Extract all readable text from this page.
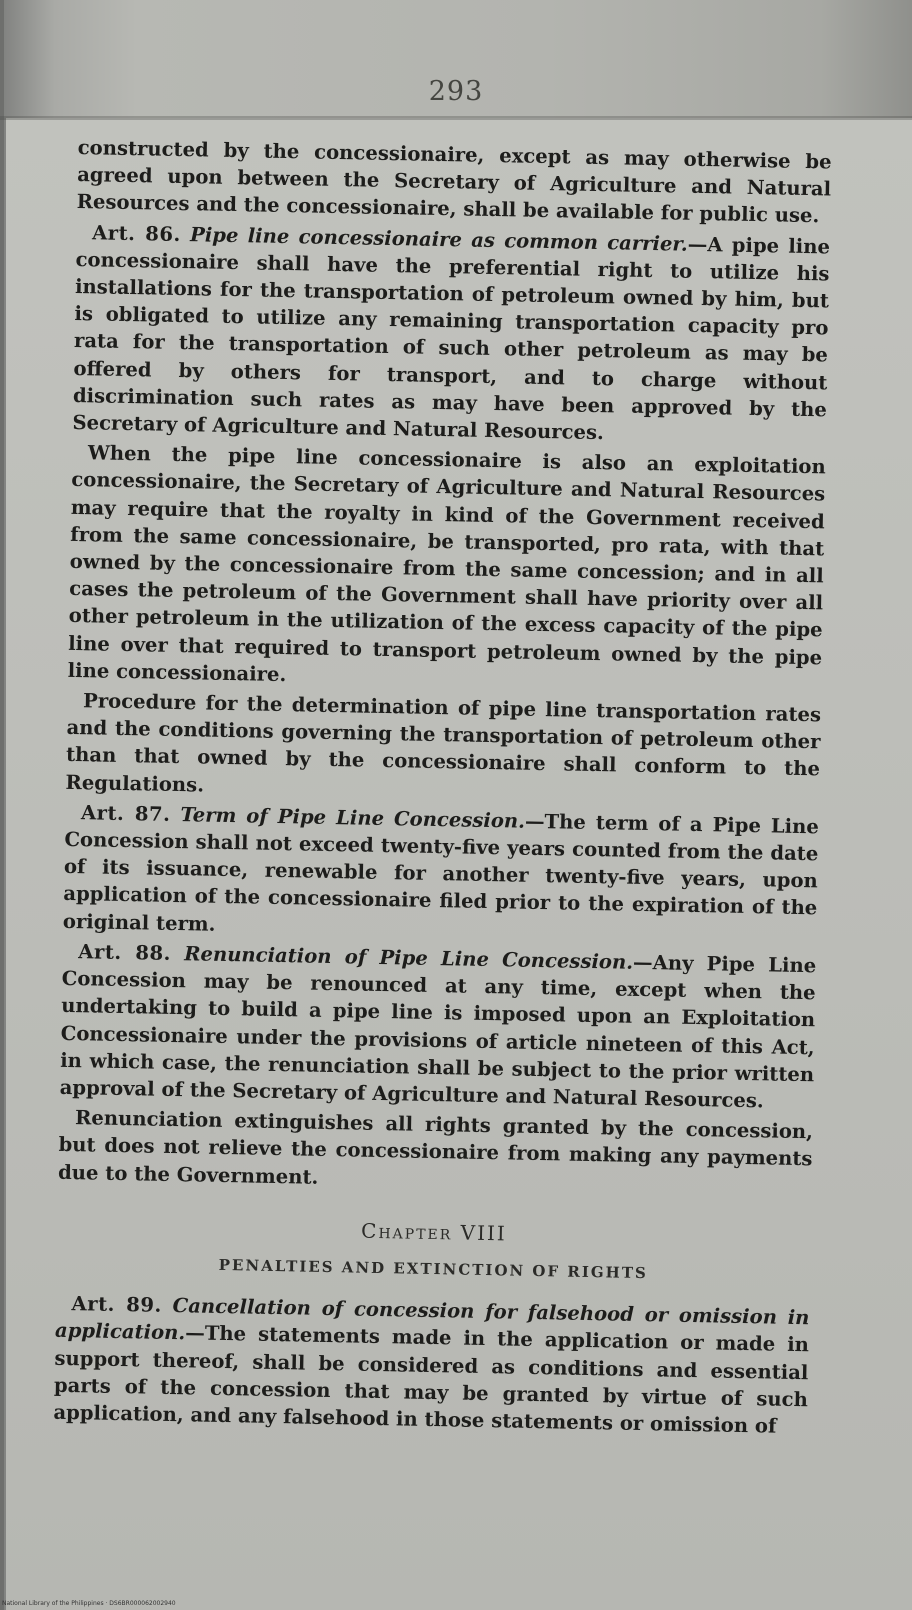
293

constructed by the concessionaire, except as may otherwise be agreed upon between the Secretary of Agriculture and Natural Resources and the concessionaire, shall be available for public use.

Art. 86. Pipe line concessionaire as common carrier.—A pipe line concessionaire shall have the preferential right to utilize his installations for the transportation of petroleum owned by him, but is obligated to utilize any remaining transportation capacity pro rata for the transportation of such other petroleum as may be offered by others for transport, and to charge without discrimination such rates as may have been approved by the Secretary of Agriculture and Natural Resources.

When the pipe line concessionaire is also an exploitation concessionaire, the Secretary of Agriculture and Natural Resources may require that the royalty in kind of the Government received from the same concessionaire, be transported, pro rata, with that owned by the concessionaire from the same concession; and in all cases the petroleum of the Government shall have priority over all other petroleum in the utilization of the excess capacity of the pipe line over that required to transport petroleum owned by the pipe line concessionaire.

Procedure for the determination of pipe line transportation rates and the conditions governing the transportation of petroleum other than that owned by the concessionaire shall conform to the Regulations.

Art. 87. Term of Pipe Line Concession.—The term of a Pipe Line Concession shall not exceed twenty-five years counted from the date of its issuance, renewable for another twenty-five years, upon application of the concessionaire filed prior to the expiration of the original term.

Art. 88. Renunciation of Pipe Line Concession.—Any Pipe Line Concession may be renounced at any time, except when the undertaking to build a pipe line is imposed upon an Exploitation Concessionaire under the provisions of article nineteen of this Act, in which case, the renunciation shall be subject to the prior written approval of the Secretary of Agriculture and Natural Resources.

Renunciation extinguishes all rights granted by the concession, but does not relieve the concessionaire from making any payments due to the Government.

Chapter VIII
PENALTIES AND EXTINCTION OF RIGHTS

Art. 89. Cancellation of concession for falsehood or omission in application.—The statements made in the application or made in support thereof, shall be considered as conditions and essential parts of the concession that may be granted by virtue of such application, and any falsehood in those statements or omission of

National Library of the Philippines · DS6BR000062002940
